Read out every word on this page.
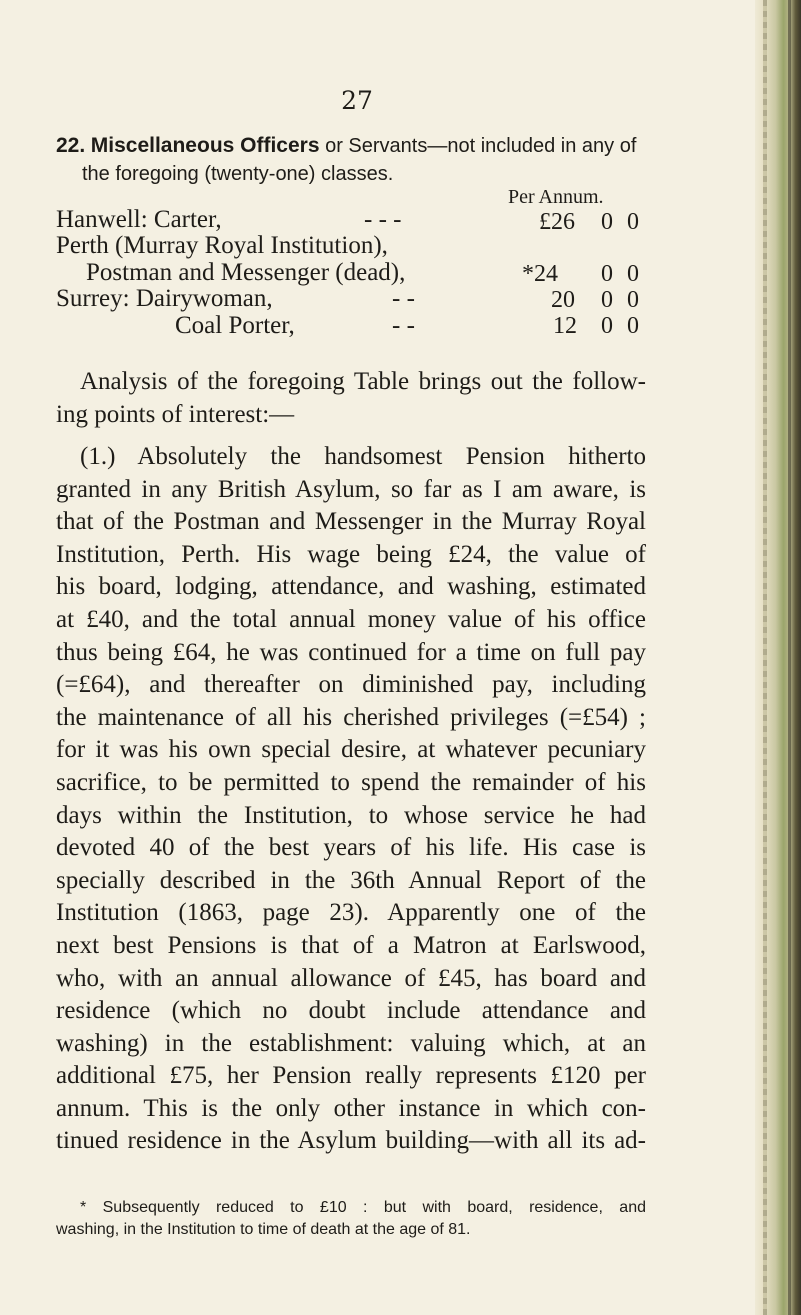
27
22. Miscellaneous Officers or Servants—not included in any of
the foregoing (twenty-one) classes.
Per Annum.
Hanwell: Carter,	- - -	£26 0 0
Perth (Murray Royal Institution),
Postman and Messenger (dead),	*24 0 0
Surrey: Dairywoman,	- -	20 0 0
Coal Porter,	- -	12 0 0
Analysis of the foregoing Table brings out the follow-
ing points of interest:—
(1.) Absolutely the handsomest Pension hitherto
granted in any British Asylum, so far as I am aware, is
that of the Postman and Messenger in the Murray Royal
Institution, Perth. His wage being £24, the value of
his board, lodging, attendance, and washing, estimated
at £40, and the total annual money value of his office
thus being £64, he was continued for a time on full pay
(=£64), and thereafter on diminished pay, including
the maintenance of all his cherished privileges (=£54) ;
for it was his own special desire, at whatever pecuniary
sacrifice, to be permitted to spend the remainder of his
days within the Institution, to whose service he had
devoted 40 of the best years of his life. His case is
specially described in the 36th Annual Report of the
Institution (1863, page 23). Apparently one of the
next best Pensions is that of a Matron at Earlswood,
who, with an annual allowance of £45, has board and
residence (which no doubt include attendance and
washing) in the establishment: valuing which, at an
additional £75, her Pension really represents £120 per
annum. This is the only other instance in which con-
tinued residence in the Asylum building—with all its ad-
* Subsequently reduced to £10 : but with board, residence, and
washing, in the Institution to time of death at the age of 81.
